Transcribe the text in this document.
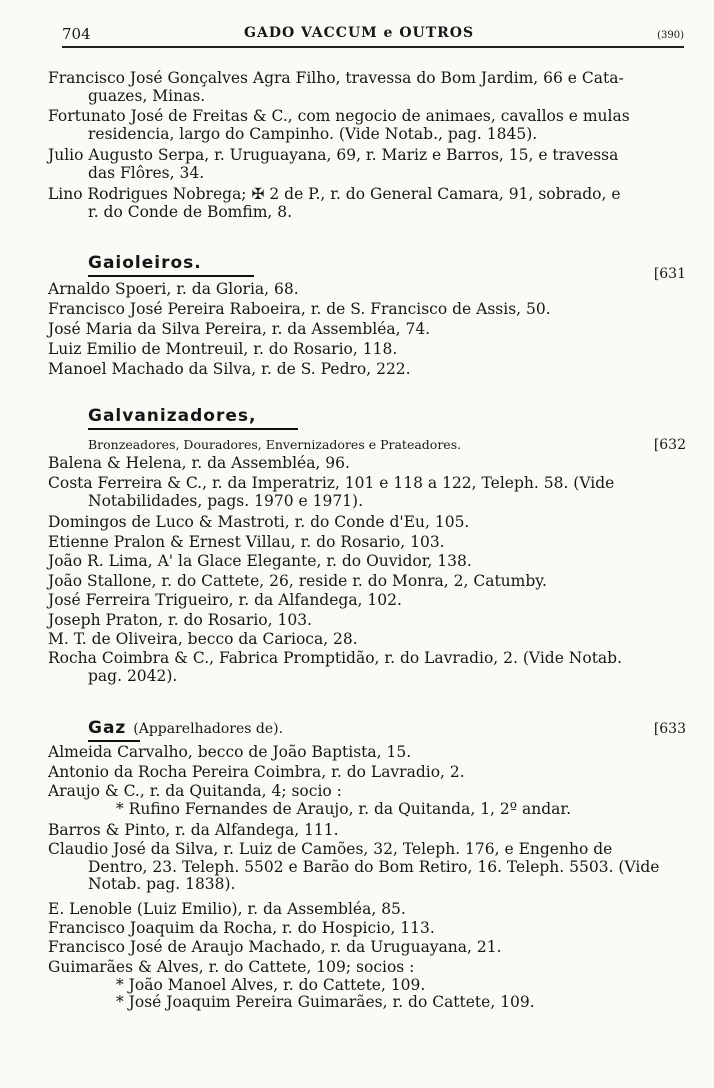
704	GADO VACCUM e OUTROS	(390)
Francisco José Gonçalves Agra Filho, travessa do Bom Jardim, 66 e Cata-
guazes, Minas.
Fortunato José de Freitas & C., com negocio de animaes, cavallos e mulas
residencia, largo do Campinho. (Vide Notab., pag. 1845).
Julio Augusto Serpa, r. Uruguayana, 69, r. Mariz e Barros, 15, e travessa
das Flôres, 34.
Lino Rodrigues Nobrega; ✠ 2 de P., r. do General Camara, 91, sobrado, e
r. do Conde de Bomfim, 8.
Gaioleiros.
[631
Arnaldo Spoeri, r. da Gloria, 68.
Francisco José Pereira Raboeira, r. de S. Francisco de Assis, 50.
José Maria da Silva Pereira, r. da Assembléa, 74.
Luiz Emilio de Montreuil, r. do Rosario, 118.
Manoel Machado da Silva, r. de S. Pedro, 222.
Galvanizadores,
Bronzeadores, Douradores, Envernizadores e Prateadores.	[632
Balena & Helena, r. da Assembléa, 96.
Costa Ferreira & C., r. da Imperatriz, 101 e 118 a 122, Teleph. 58. (Vide
Notabilidades, pags. 1970 e 1971).
Domingos de Luco & Mastroti, r. do Conde d'Eu, 105.
Etienne Pralon & Ernest Villau, r. do Rosario, 103.
João R. Lima, A' la Glace Elegante, r. do Ouvidor, 138.
João Stallone, r. do Cattete, 26, reside r. do Monra, 2, Catumby.
José Ferreira Trigueiro, r. da Alfandega, 102.
Joseph Praton, r. do Rosario, 103.
M. T. de Oliveira, becco da Carioca, 28.
Rocha Coimbra & C., Fabrica Promptidão, r. do Lavradio, 2. (Vide Notab.
pag. 2042).
Gaz (Apparelhadores de).	[633
Almeida Carvalho, becco de João Baptista, 15.
Antonio da Rocha Pereira Coimbra, r. do Lavradio, 2.
Araujo & C., r. da Quitanda, 4; socio :
* Rufino Fernandes de Araujo, r. da Quitanda, 1, 2º andar.
Barros & Pinto, r. da Alfandega, 111.
Claudio José da Silva, r. Luiz de Camões, 32, Teleph. 176, e Engenho de
Dentro, 23. Teleph. 5502 e Barão do Bom Retiro, 16. Teleph. 5503. (Vide
Notab. pag. 1838).
E. Lenoble (Luiz Emilio), r. da Assembléa, 85.
Francisco Joaquim da Rocha, r. do Hospicio, 113.
Francisco José de Araujo Machado, r. da Uruguayana, 21.
Guimarães & Alves, r. do Cattete, 109; socios :
* João Manoel Alves, r. do Cattete, 109.
* José Joaquim Pereira Guimarães, r. do Cattete, 109.
